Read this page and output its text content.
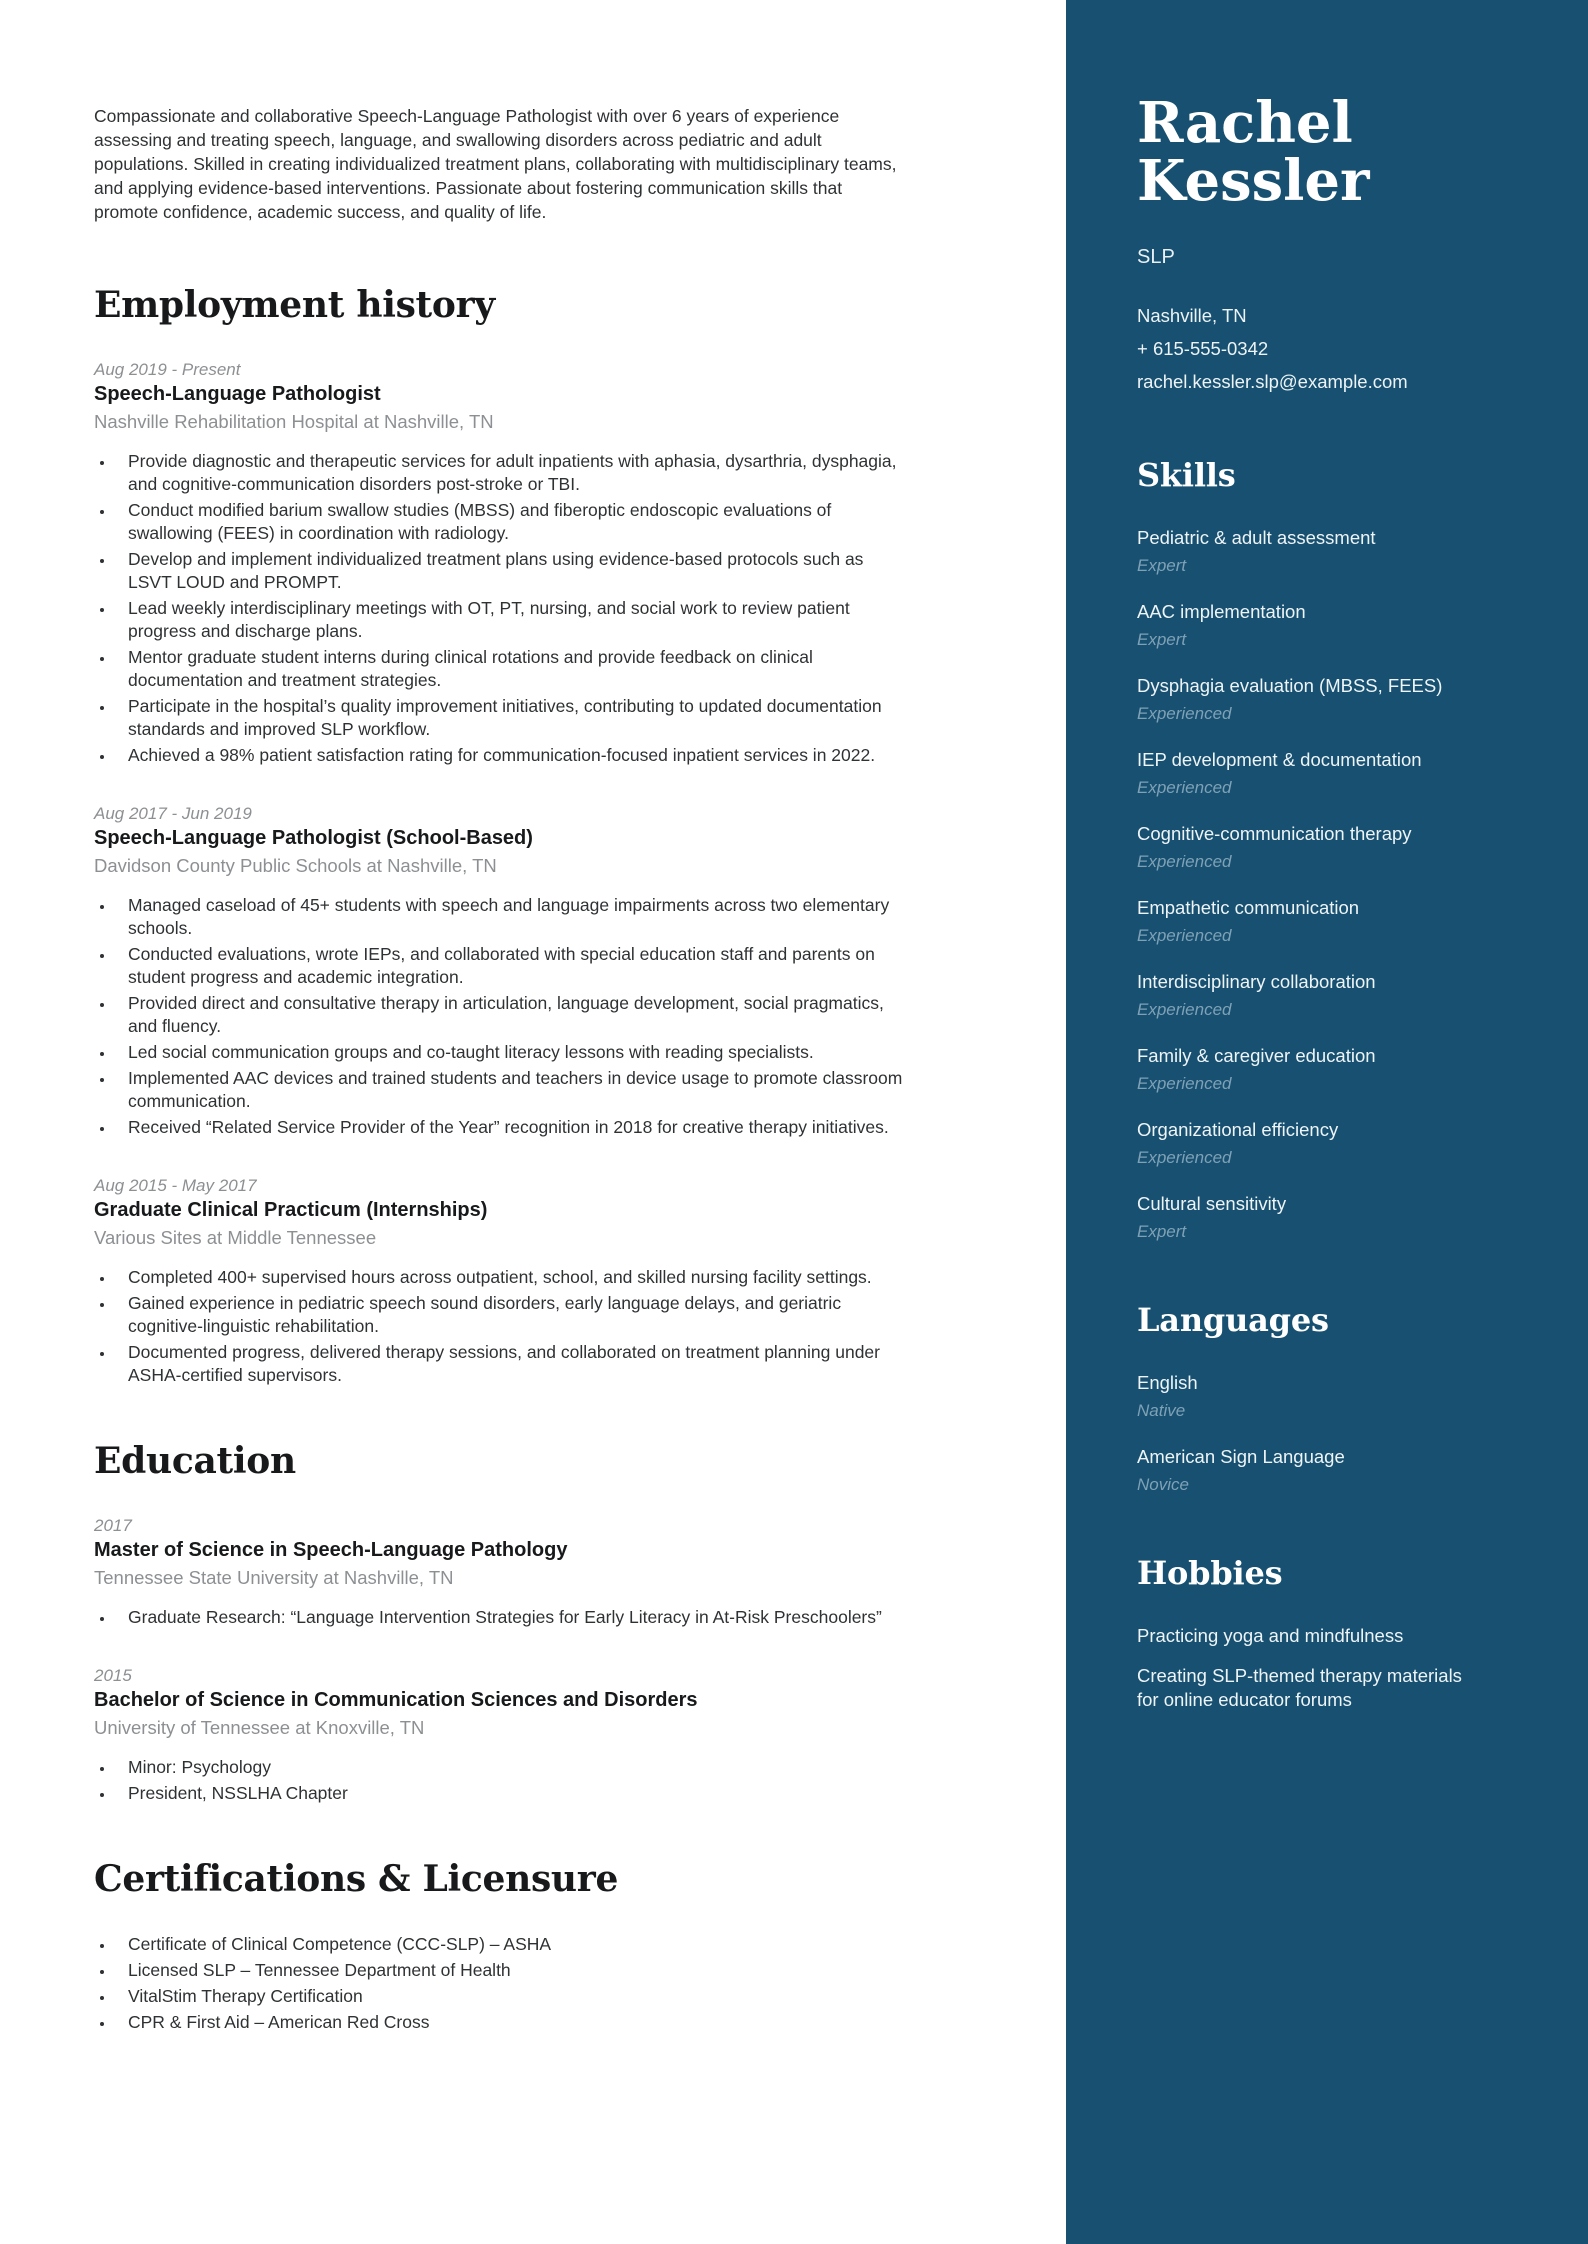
Compassionate and collaborative Speech-Language Pathologist with over 6 years of experience assessing and treating speech, language, and swallowing disorders across pediatric and adult populations. Skilled in creating individualized treatment plans, collaborating with multidisciplinary teams, and applying evidence-based interventions. Passionate about fostering communication skills that promote confidence, academic success, and quality of life.

Employment history
Aug 2019 - Present
Speech-Language Pathologist
Nashville Rehabilitation Hospital at Nashville, TN
• Provide diagnostic and therapeutic services for adult inpatients with aphasia, dysarthria, dysphagia, and cognitive-communication disorders post-stroke or TBI.
• Conduct modified barium swallow studies (MBSS) and fiberoptic endoscopic evaluations of swallowing (FEES) in coordination with radiology.
• Develop and implement individualized treatment plans using evidence-based protocols such as LSVT LOUD and PROMPT.
• Lead weekly interdisciplinary meetings with OT, PT, nursing, and social work to review patient progress and discharge plans.
• Mentor graduate student interns during clinical rotations and provide feedback on clinical documentation and treatment strategies.
• Participate in the hospital’s quality improvement initiatives, contributing to updated documentation standards and improved SLP workflow.
• Achieved a 98% patient satisfaction rating for communication-focused inpatient services in 2022.
Aug 2017 - Jun 2019
Speech-Language Pathologist (School-Based)
Davidson County Public Schools at Nashville, TN
• Managed caseload of 45+ students with speech and language impairments across two elementary schools.
• Conducted evaluations, wrote IEPs, and collaborated with special education staff and parents on student progress and academic integration.
• Provided direct and consultative therapy in articulation, language development, social pragmatics, and fluency.
• Led social communication groups and co-taught literacy lessons with reading specialists.
• Implemented AAC devices and trained students and teachers in device usage to promote classroom communication.
• Received “Related Service Provider of the Year” recognition in 2018 for creative therapy initiatives.
Aug 2015 - May 2017
Graduate Clinical Practicum (Internships)
Various Sites at Middle Tennessee
• Completed 400+ supervised hours across outpatient, school, and skilled nursing facility settings.
• Gained experience in pediatric speech sound disorders, early language delays, and geriatric cognitive-linguistic rehabilitation.
• Documented progress, delivered therapy sessions, and collaborated on treatment planning under ASHA-certified supervisors.
Education
2017
Master of Science in Speech-Language Pathology
Tennessee State University at Nashville, TN
• Graduate Research: “Language Intervention Strategies for Early Literacy in At-Risk Preschoolers”
2015
Bachelor of Science in Communication Sciences and Disorders
University of Tennessee at Knoxville, TN
• Minor: Psychology
• President, NSSLHA Chapter
Certifications & Licensure
• Certificate of Clinical Competence (CCC-SLP) – ASHA
• Licensed SLP – Tennessee Department of Health
• VitalStim Therapy Certification
• CPR & First Aid – American Red Cross
Rachel
Kessler
SLP
Nashville, TN
+ 615-555-0342
rachel.kessler.slp@example.com
Skills
Pediatric & adult assessment
Expert
AAC implementation
Expert
Dysphagia evaluation (MBSS, FEES)
Experienced
IEP development & documentation
Experienced
Cognitive-communication therapy
Experienced
Empathetic communication
Experienced
Interdisciplinary collaboration
Experienced
Family & caregiver education
Experienced
Organizational efficiency
Experienced
Cultural sensitivity
Expert
Languages
English
Native
American Sign Language
Novice
Hobbies
Practicing yoga and mindfulness
Creating SLP-themed therapy materials for online educator forums
